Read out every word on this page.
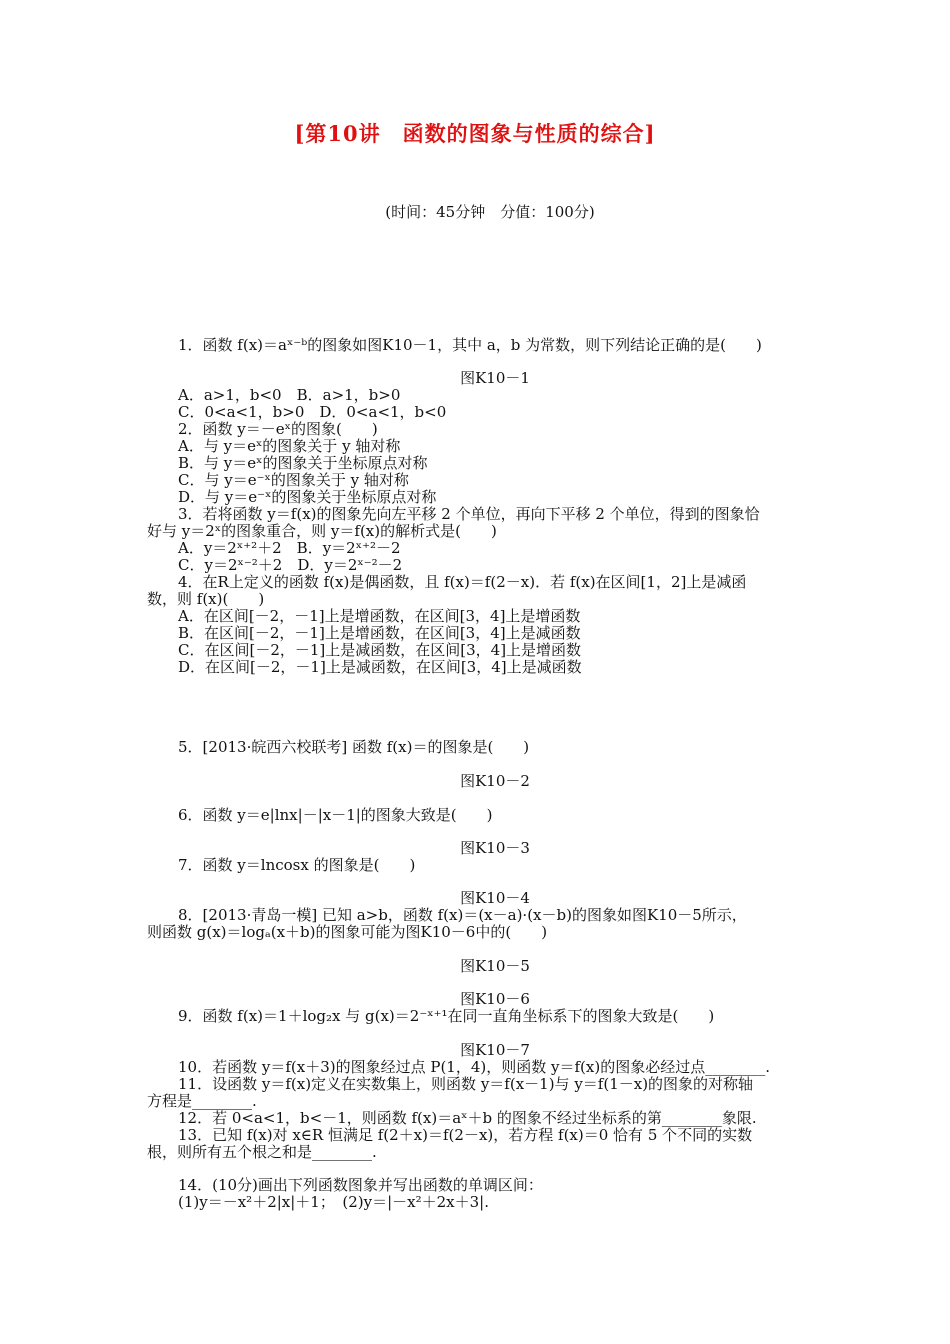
[第10讲　函数的图象与性质的综合]
(时间：45分钟　分值：100分)
1．函数 f(x)＝aˣ⁻ᵇ的图象如图K10－1，其中 a，b 为常数，则下列结论正确的是(　　)
图K10－1
A．a>1，b<0　B．a>1，b>0
C．0<a<1，b>0　D．0<a<1，b<0
2．函数 y＝－eˣ的图象(　　)
A．与 y＝eˣ的图象关于 y 轴对称
B．与 y＝eˣ的图象关于坐标原点对称
C．与 y＝e⁻ˣ的图象关于 y 轴对称
D．与 y＝e⁻ˣ的图象关于坐标原点对称
3．若将函数 y＝f(x)的图象先向左平移 2 个单位，再向下平移 2 个单位，得到的图象恰
好与 y＝2ˣ的图象重合，则 y＝f(x)的解析式是(　　)
A．y＝2ˣ⁺²＋2　B．y＝2ˣ⁺²－2
C．y＝2ˣ⁻²＋2　D．y＝2ˣ⁻²－2
4．在R上定义的函数 f(x)是偶函数，且 f(x)＝f(2－x)．若 f(x)在区间[1，2]上是减函
数，则 f(x)(　　)
A．在区间[－2，－1]上是增函数，在区间[3，4]上是增函数
B．在区间[－2，－1]上是增函数，在区间[3，4]上是减函数
C．在区间[－2，－1]上是减函数，在区间[3，4]上是增函数
D．在区间[－2，－1]上是减函数，在区间[3，4]上是减函数
5．[2013·皖西六校联考] 函数 f(x)＝的图象是(　　)
图K10－2
6．函数 y＝e|lnx|－|x－1|的图象大致是(　　)
图K10－3
7．函数 y＝lncosx 的图象是(　　)
图K10－4
8．[2013·青岛一模] 已知 a>b，函数 f(x)＝(x－a)·(x－b)的图象如图K10－5所示，
则函数 g(x)＝logₐ(x＋b)的图象可能为图K10－6中的(　　)
图K10－5
图K10－6
9．函数 f(x)＝1＋log₂x 与 g(x)＝2⁻ˣ⁺¹在同一直角坐标系下的图象大致是(　　)
图K10－7
10．若函数 y＝f(x＋3)的图象经过点 P(1，4)，则函数 y＝f(x)的图象必经过点________.
11．设函数 y＝f(x)定义在实数集上，则函数 y＝f(x－1)与 y＝f(1－x)的图象的对称轴
方程是________.
12．若 0<a<1，b<－1，则函数 f(x)＝aˣ＋b 的图象不经过坐标系的第________象限.
13．已知 f(x)对 x∈R 恒满足 f(2＋x)＝f(2－x)，若方程 f(x)＝0 恰有 5 个不同的实数
根，则所有五个根之和是________.
14．(10分)画出下列函数图象并写出函数的单调区间：
(1)y＝－x²＋2|x|＋1；　(2)y＝|－x²＋2x＋3|.
